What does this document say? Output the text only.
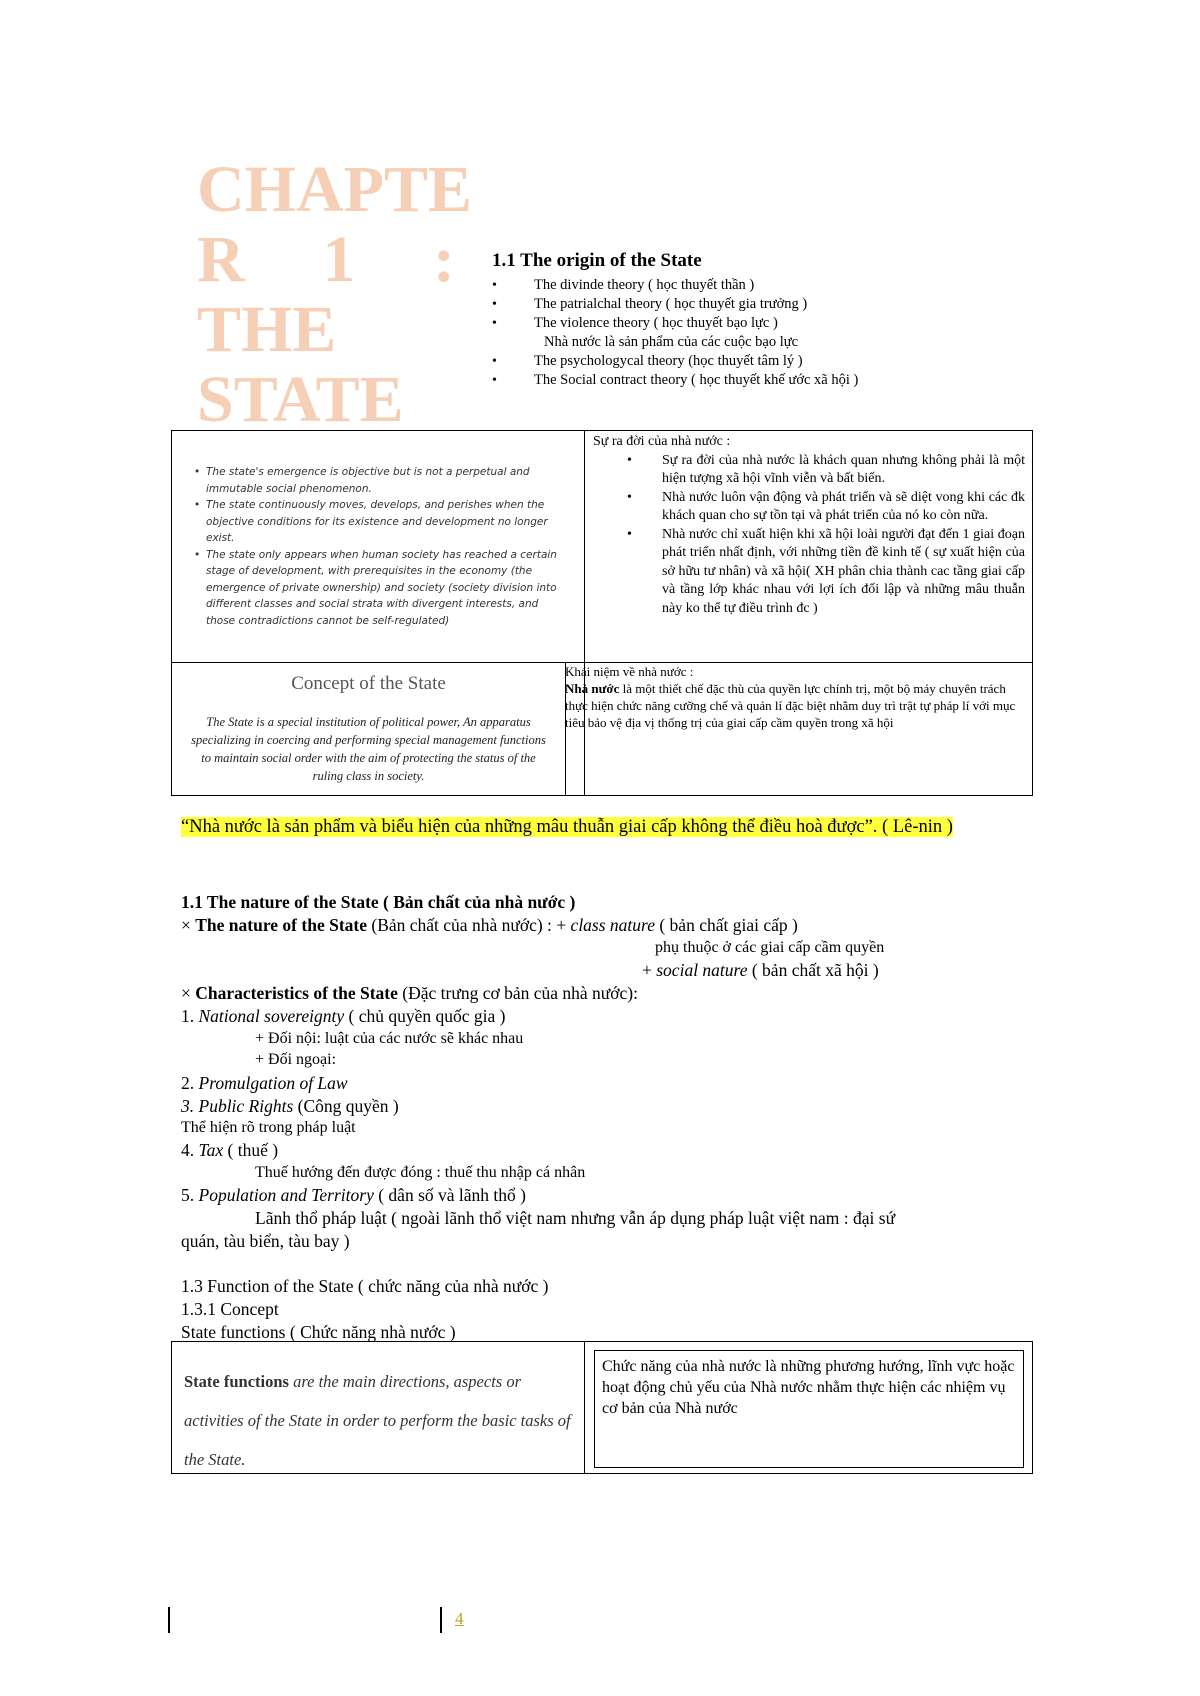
CHAPTE
R 1 :
THE
STATE
1.1 The origin of the State
• The divinde theory ( học thuyết thần )
• The patrialchal theory ( học thuyết gia trưởng )
• The violence theory ( học thuyết bạo lực )
Nhà nước là sản phẩm của các cuộc bạo lực
• The psychologycal theory (học thuyết tâm lý )
• The Social contract theory ( học thuyết khế ước xã hội )
• The state's emergence is objective but is not a perpetual and immutable social phenomenon.
• The state continuously moves, develops, and perishes when the objective conditions for its existence and development no longer exist.
• The state only appears when human society has reached a certain stage of development, with prerequisites in the economy (the emergence of private ownership) and society (society division into different classes and social strata with divergent interests, and those contradictions cannot be self-regulated)
Sự ra đời của nhà nước :
• Sự ra đời của nhà nước là khách quan nhưng không phải là một hiện tượng xã hội vĩnh viễn và bất biến.
• Nhà nước luôn vận động và phát triển và sẽ diệt vong khi các đk khách quan cho sự tồn tại và phát triển của nó ko còn nữa.
• Nhà nước chỉ xuất hiện khi xã hội loài người đạt đến 1 giai đoạn phát triển nhất định, với những tiền đề kinh tế ( sự xuất hiện của sở hữu tư nhân) và xã hội( XH phân chia thành cac tầng giai cấp và tầng lớp khác nhau với lợi ích đối lập và những mâu thuẫn này ko thể tự điều trình đc )
Concept of the State
The State is a special institution of political power, An apparatus specializing in coercing and performing special management functions to maintain social order with the aim of protecting the status of the ruling class in society.
Khái niệm về nhà nước :
Nhà nước là một thiết chế đặc thù của quyền lực chính trị, một bộ máy chuyên trách thực hiện chức năng cưỡng chế và quản lí đặc biệt nhằm duy trì trật tự pháp lí với mục tiêu bảo vệ địa vị thống trị của giai cấp cầm quyền trong xã hội
“Nhà nước là sản phẩm và biểu hiện của những mâu thuẫn giai cấp không thể điều hoà được”. ( Lê-nin )
1.1 The nature of the State ( Bản chất của nhà nước )
× The nature of the State (Bản chất của nhà nước) : + class nature ( bản chất giai cấp )
phụ thuộc ở các giai cấp cầm quyền
+ social nature ( bản chất xã hội )
× Characteristics of the State (Đặc trưng cơ bản của nhà nước):
1. National sovereignty ( chủ quyền quốc gia )
+ Đối nội: luật của các nước sẽ khác nhau
+ Đối ngoại:
2. Promulgation of Law
3. Public Rights (Công quyền )
Thể hiện rõ trong pháp luật
4. Tax ( thuế )
Thuế hướng đến được đóng : thuế thu nhập cá nhân
5. Population and Territory ( dân số và lãnh thổ )
Lãnh thổ pháp luật ( ngoài lãnh thổ việt nam nhưng vẫn áp dụng pháp luật việt nam : đại sứ
quán, tàu biển, tàu bay )
1.3 Function of the State ( chức năng của nhà nước )
1.3.1 Concept
State functions ( Chức năng nhà nước )
State functions are the main directions, aspects or activities of the State in order to perform the basic tasks of the State.
Chức năng của nhà nước là những phương hướng, lĩnh vực hoặc hoạt động chủ yếu của Nhà nước nhằm thực hiện các nhiệm vụ cơ bản của Nhà nước
4
